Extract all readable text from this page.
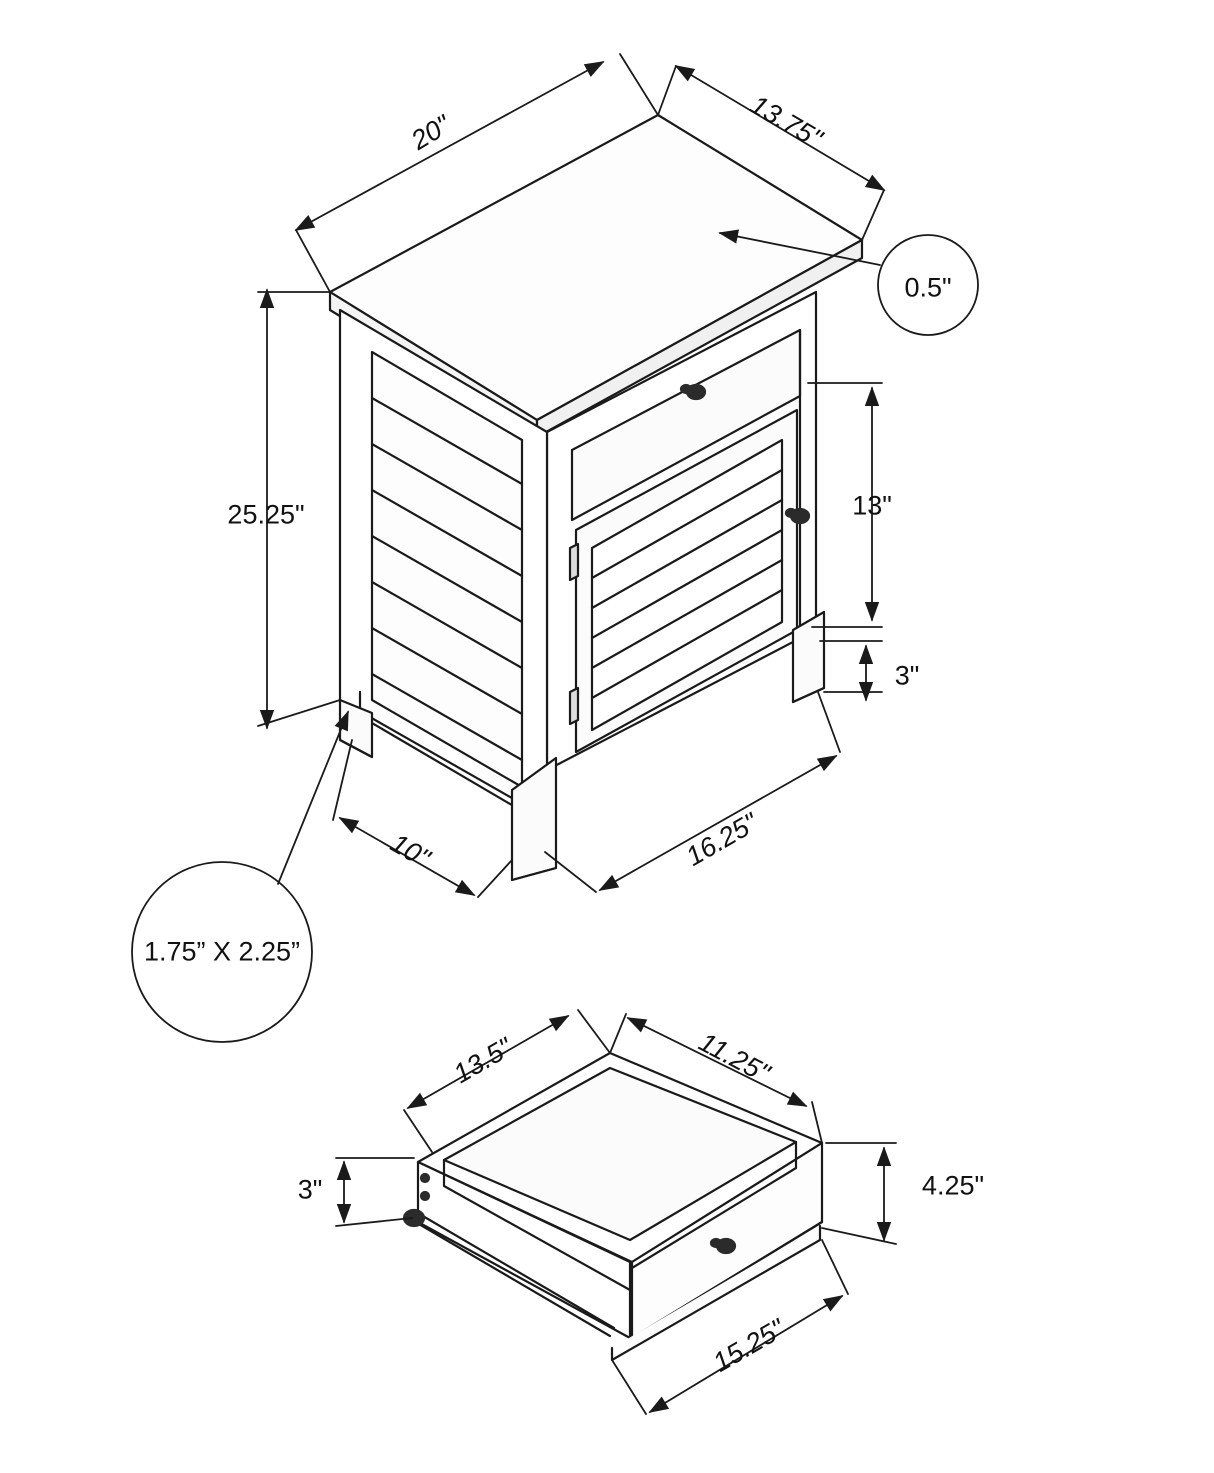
20"	13.75"
0.5"
25.25"	13"
3"
10"	16.25"
1.75” X 2.25”
13.5"	11.25"
3"	4.25"
15.25"
